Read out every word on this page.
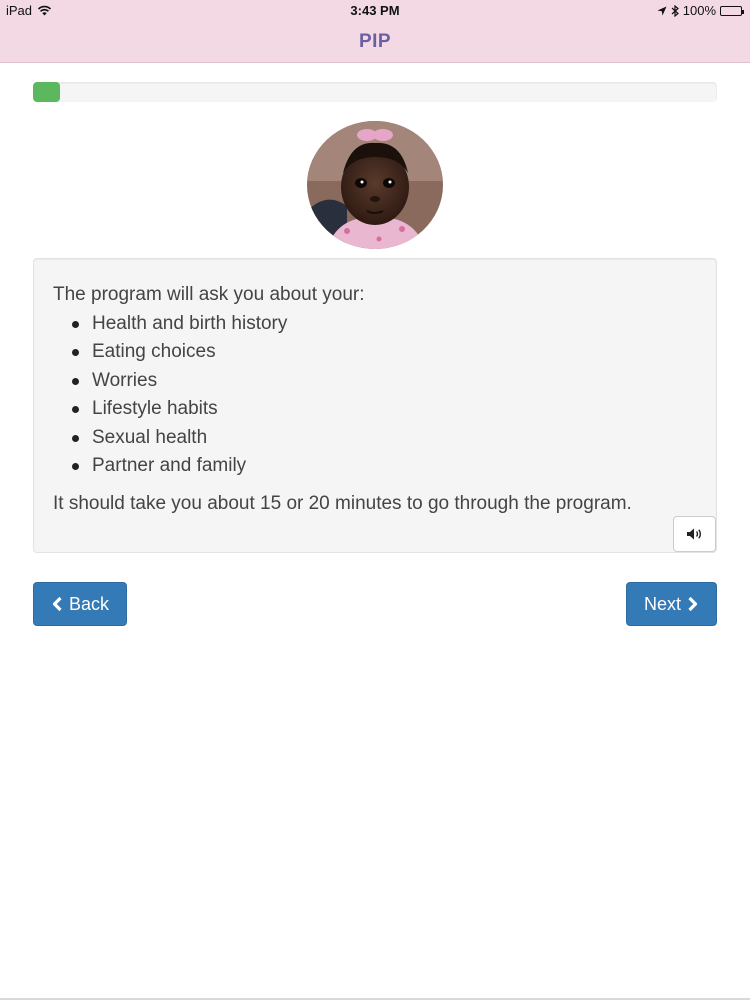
iPad	3:43 PM	100%
PIP

The program will ask you about your:

Health and birth history
Eating choices
Worries
Lifestyle habits
Sexual health
Partner and family

It should take you about 15 or 20 minutes to go through the program.

Back	Next
